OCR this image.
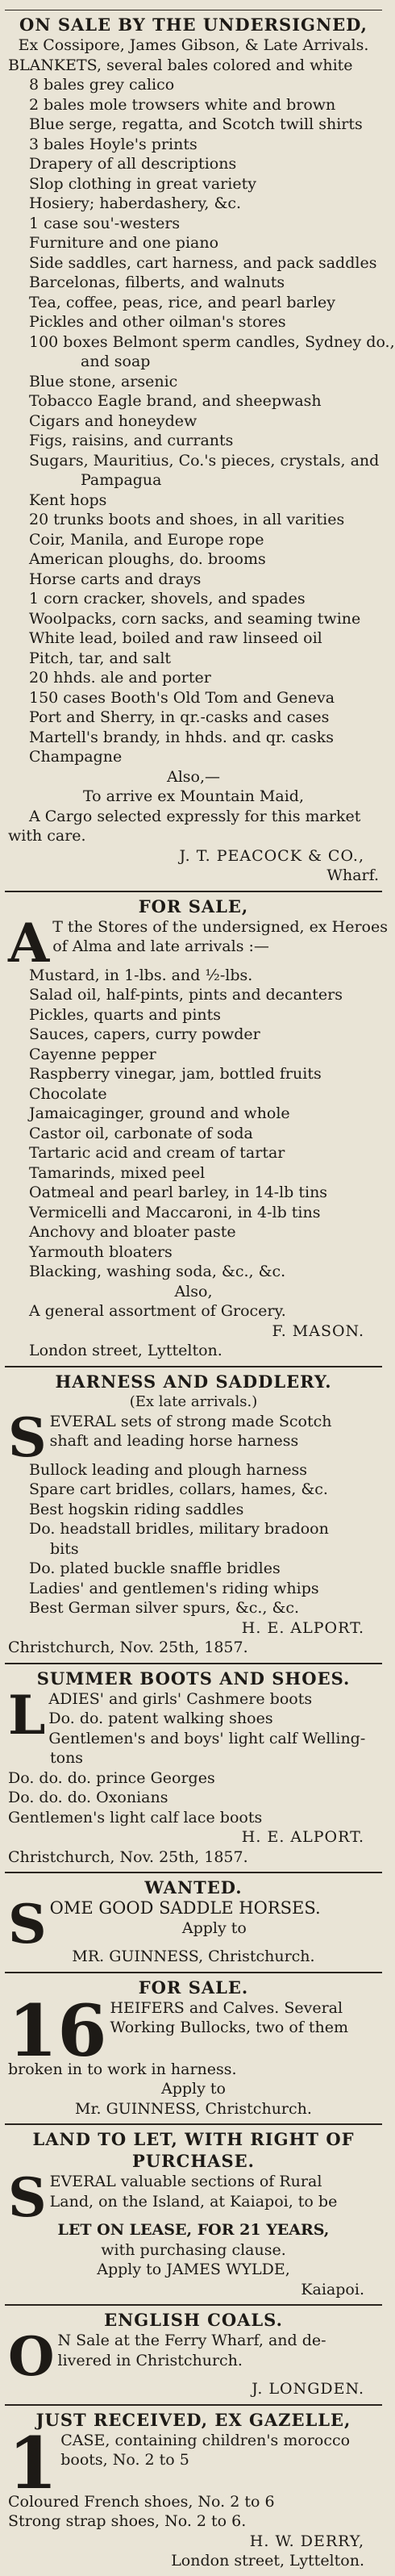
ON SALE BY THE UNDERSIGNED,
Ex Cossipore, James Gibson, & Late Arrivals.
BLANKETS, several bales colored and white
8 bales grey calico
2 bales mole trowsers white and brown
Blue serge, regatta, and Scotch twill shirts
3 bales Hoyle's prints
Drapery of all descriptions
Slop clothing in great variety
Hosiery; haberdashery, &c.
1 case sou'-westers
Furniture and one piano
Side saddles, cart harness, and pack saddles
Barcelonas, filberts, and walnuts
Tea, coffee, peas, rice, and pearl barley
Pickles and other oilman's stores
100 boxes Belmont sperm candles, Sydney do.,
and soap
Blue stone, arsenic
Tobacco Eagle brand, and sheepwash
Cigars and honeydew
Figs, raisins, and currants
Sugars, Mauritius, Co.'s pieces, crystals, and
Pampagua
Kent hops
20 trunks boots and shoes, in all varities
Coir, Manila, and Europe rope
American ploughs, do. brooms
Horse carts and drays
1 corn cracker, shovels, and spades
Woolpacks, corn sacks, and seaming twine
White lead, boiled and raw linseed oil
Pitch, tar, and salt
20 hhds. ale and porter
150 cases Booth's Old Tom and Geneva
Port and Sherry, in qr.-casks and cases
Martell's brandy, in hhds. and qr. casks
Champagne
Also,—
To arrive ex Mountain Maid,
A Cargo selected expressly for this market
with care.
J. T. PEACOCK & CO.,
Wharf.
FOR SALE,
A T the Stores of the undersigned, ex Heroes
of Alma and late arrivals :—
Mustard, in 1-lbs. and ½-lbs.
Salad oil, half-pints, pints and decanters
Pickles, quarts and pints
Sauces, capers, curry powder
Cayenne pepper
Raspberry vinegar, jam, bottled fruits
Chocolate
Jamaicaginger, ground and whole
Castor oil, carbonate of soda
Tartaric acid and cream of tartar
Tamarinds, mixed peel
Oatmeal and pearl barley, in 14-lb tins
Vermicelli and Maccaroni, in 4-lb tins
Anchovy and bloater paste
Yarmouth bloaters
Blacking, washing soda, &c., &c.
Also,
A general assortment of Grocery.
F. MASON.
London street, Lyttelton.
HARNESS AND SADDLERY.
(Ex late arrivals.)
S EVERAL sets of strong made Scotch
shaft and leading horse harness
Bullock leading and plough harness
Spare cart bridles, collars, hames, &c.
Best hogskin riding saddles
Do. headstall bridles, military bradoon
bits
Do. plated buckle snaffle bridles
Ladies' and gentlemen's riding whips
Best German silver spurs, &c., &c.
H. E. ALPORT.
Christchurch, Nov. 25th, 1857.
SUMMER BOOTS AND SHOES.
L ADIES' and girls' Cashmere boots
Do. do. patent walking shoes
Gentlemen's and boys' light calf Welling-
tons
Do. do. do. prince Georges
Do. do. do. Oxonians
Gentlemen's light calf lace boots
H. E. ALPORT.
Christchurch, Nov. 25th, 1857.
WANTED.
S OME GOOD SADDLE HORSES.
Apply to
MR. GUINNESS, Christchurch.
FOR SALE.
16 HEIFERS and Calves. Several
Working Bullocks, two of them
broken in to work in harness.
Apply to
Mr. GUINNESS, Christchurch.
LAND TO LET, WITH RIGHT OF
PURCHASE.
S EVERAL valuable sections of Rural
Land, on the Island, at Kaiapoi, to be
LET ON LEASE, FOR 21 YEARS,
with purchasing clause.
Apply to JAMES WYLDE,
Kaiapoi.
ENGLISH COALS.
O N Sale at the Ferry Wharf, and de-
livered in Christchurch.
J. LONGDEN.
JUST RECEIVED, EX GAZELLE,
1 CASE, containing children's morocco
boots, No. 2 to 5
Coloured French shoes, No. 2 to 6
Strong strap shoes, No. 2 to 6.
H. W. DERRY,
London street, Lyttelton.
